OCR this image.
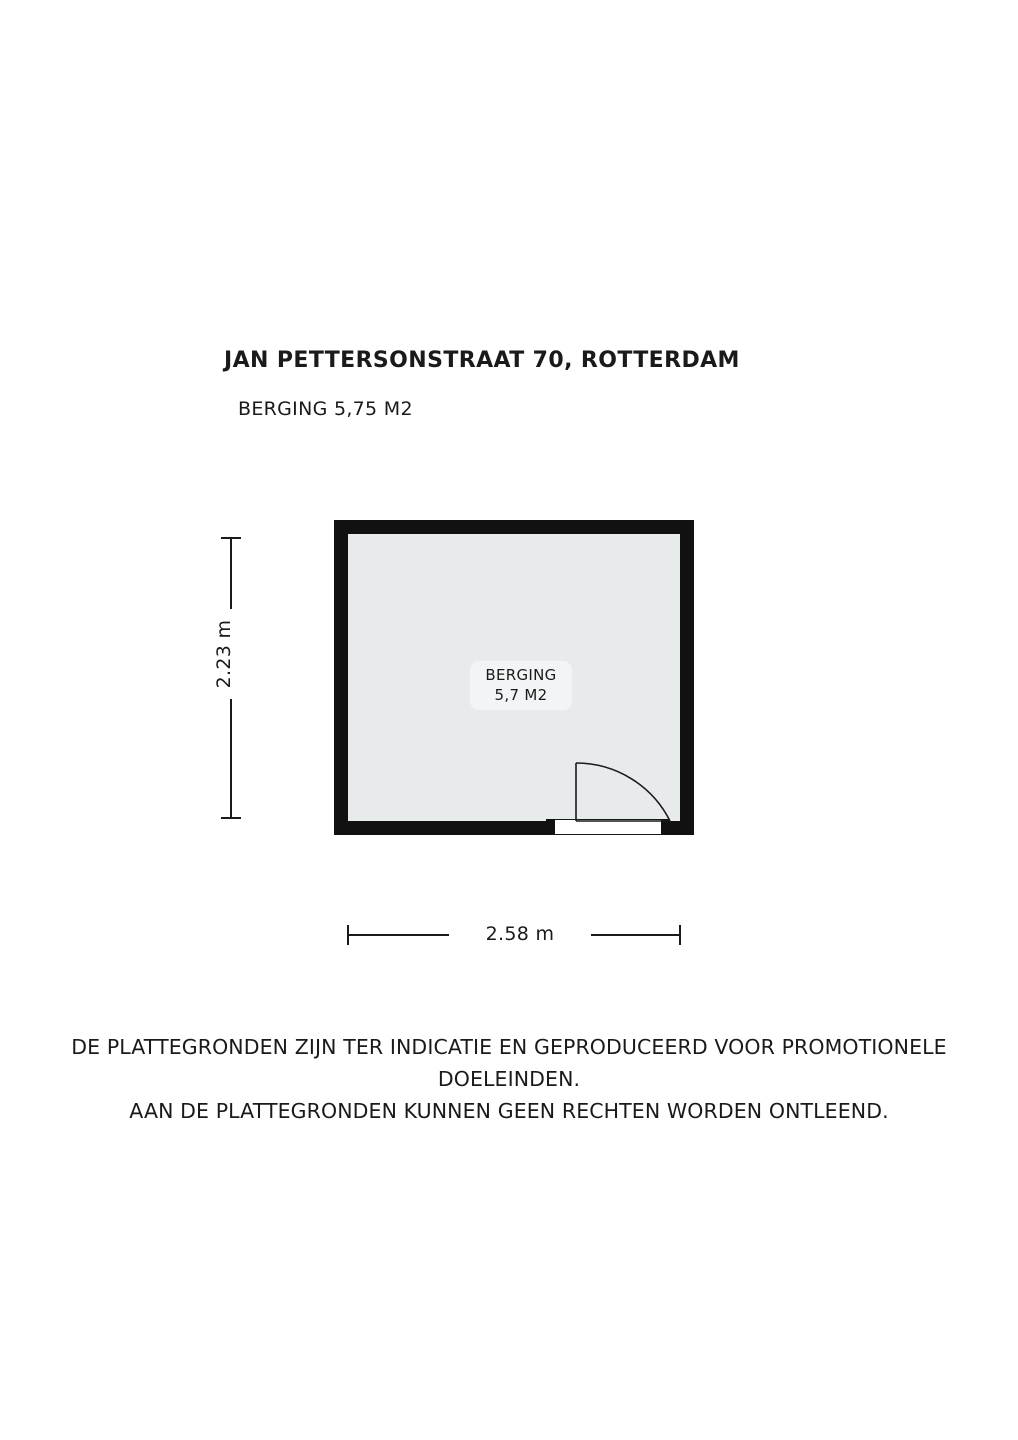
JAN PETTERSONSTRAAT 70, ROTTERDAM
BERGING 5,75 M2
BERGING
5,7 M2
2.23 m
2.58 m
DE PLATTEGRONDEN ZIJN TER INDICATIE EN GEPRODUCEERD VOOR PROMOTIONELE DOELEINDEN.
AAN DE PLATTEGRONDEN KUNNEN GEEN RECHTEN WORDEN ONTLEEND.
